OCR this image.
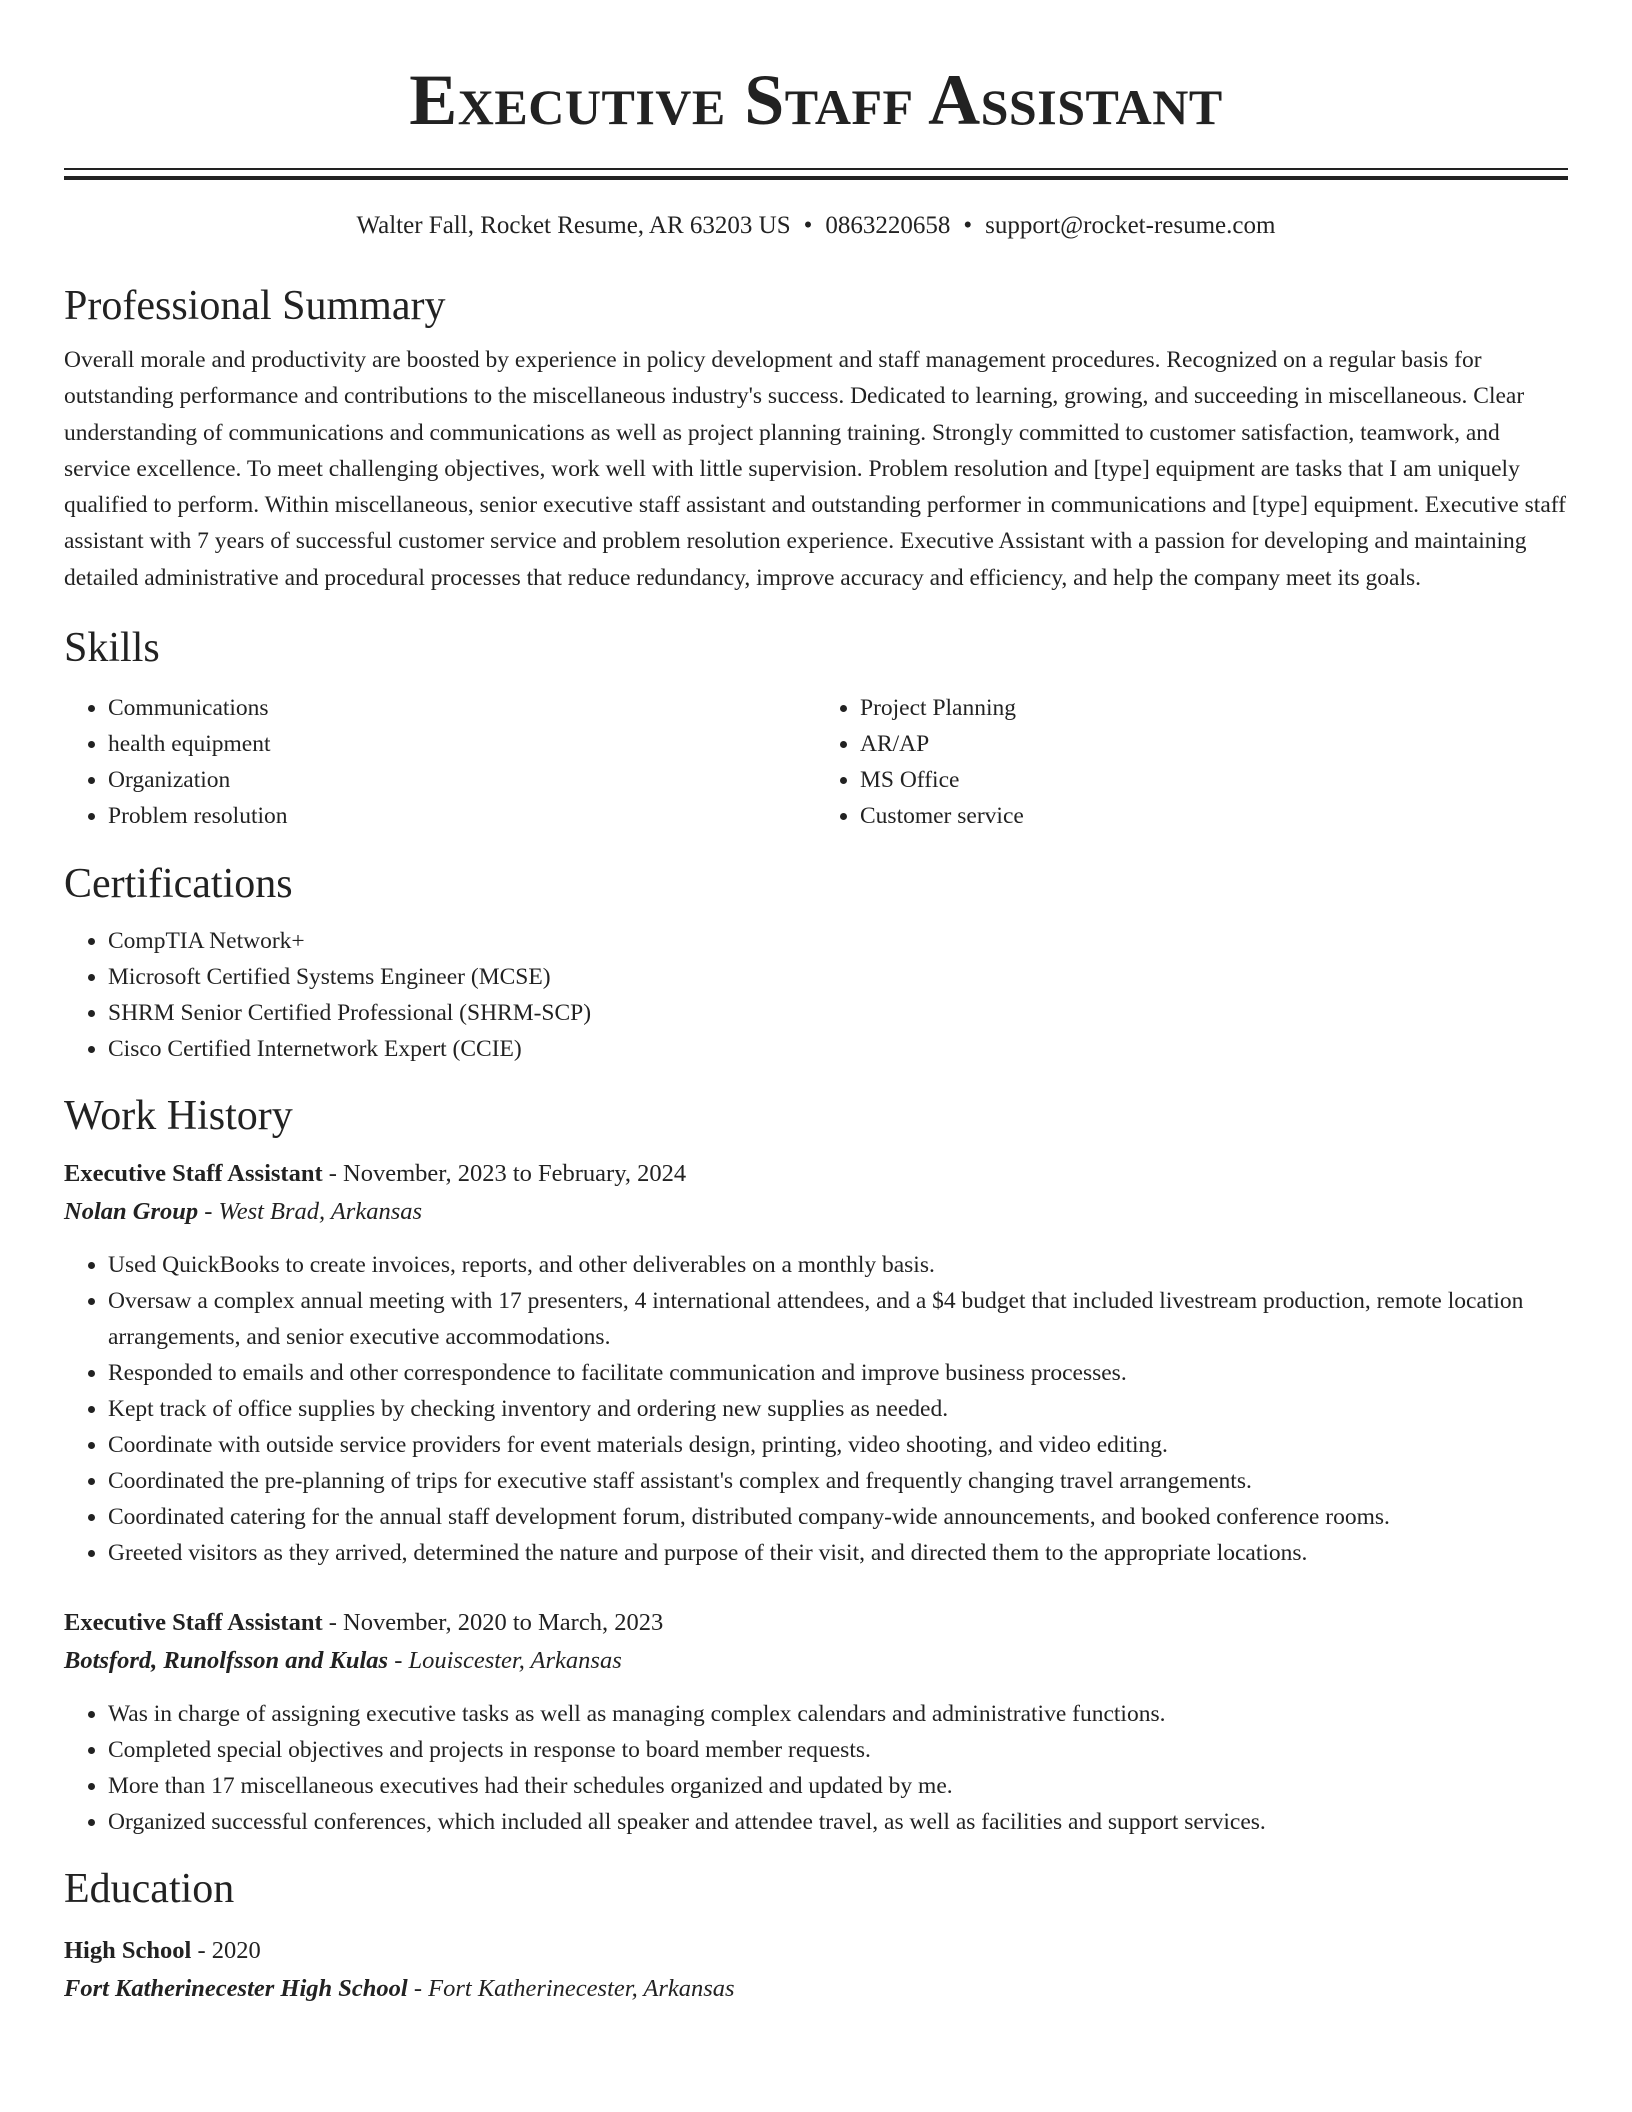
Executive Staff Assistant
Walter Fall, Rocket Resume, AR 63203 US • 0863220658 • support@rocket-resume.com
Professional Summary

Overall morale and productivity are boosted by experience in policy development and staff management procedures. Recognized on a regular basis for outstanding performance and contributions to the miscellaneous industry's success. Dedicated to learning, growing, and succeeding in miscellaneous. Clear understanding of communications and communications as well as project planning training. Strongly committed to customer satisfaction, teamwork, and service excellence. To meet challenging objectives, work well with little supervision. Problem resolution and [type] equipment are tasks that I am uniquely qualified to perform. Within miscellaneous, senior executive staff assistant and outstanding performer in communications and [type] equipment. Executive staff assistant with 7 years of successful customer service and problem resolution experience. Executive Assistant with a passion for developing and maintaining detailed administrative and procedural processes that reduce redundancy, improve accuracy and efficiency, and help the company meet its goals.

Skills
• Communications
• health equipment
• Organization
• Problem resolution
• Project Planning
• AR/AP
• MS Office
• Customer service
Certifications
• CompTIA Network+
• Microsoft Certified Systems Engineer (MCSE)
• SHRM Senior Certified Professional (SHRM-SCP)
• Cisco Certified Internetwork Expert (CCIE)
Work History
Executive Staff Assistant - November, 2023 to February, 2024
Nolan Group - West Brad, Arkansas
• Used QuickBooks to create invoices, reports, and other deliverables on a monthly basis.
• Oversaw a complex annual meeting with 17 presenters, 4 international attendees, and a $4 budget that included livestream production, remote location arrangements, and senior executive accommodations.
• Responded to emails and other correspondence to facilitate communication and improve business processes.
• Kept track of office supplies by checking inventory and ordering new supplies as needed.
• Coordinate with outside service providers for event materials design, printing, video shooting, and video editing.
• Coordinated the pre-planning of trips for executive staff assistant's complex and frequently changing travel arrangements.
• Coordinated catering for the annual staff development forum, distributed company-wide announcements, and booked conference rooms.
• Greeted visitors as they arrived, determined the nature and purpose of their visit, and directed them to the appropriate locations.
Executive Staff Assistant - November, 2020 to March, 2023
Botsford, Runolfsson and Kulas - Louiscester, Arkansas
• Was in charge of assigning executive tasks as well as managing complex calendars and administrative functions.
• Completed special objectives and projects in response to board member requests.
• More than 17 miscellaneous executives had their schedules organized and updated by me.
• Organized successful conferences, which included all speaker and attendee travel, as well as facilities and support services.
Education
High School - 2020
Fort Katherinecester High School - Fort Katherinecester, Arkansas
